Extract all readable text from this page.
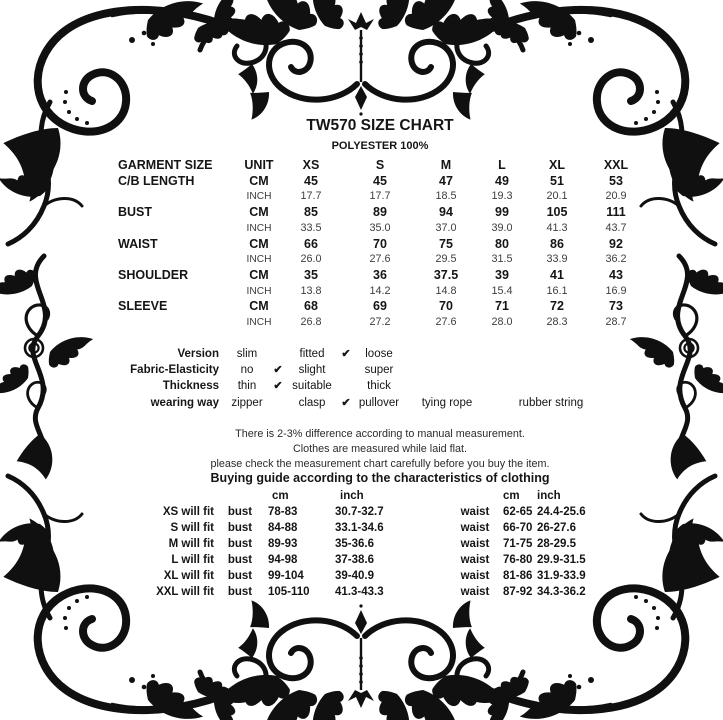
TW570 SIZE CHART
POLYESTER 100%
GARMENT SIZE	UNIT	XS	S	M	L	XL	XXL
C/B LENGTH	CM	45	45	47	49	51	53
	INCH	17.7	17.7	18.5	19.3	20.1	20.9
BUST	CM	85	89	94	99	105	111
	INCH	33.5	35.0	37.0	39.0	41.3	43.7
WAIST	CM	66	70	75	80	86	92
	INCH	26.0	27.6	29.5	31.5	33.9	36.2
SHOULDER	CM	35	36	37.5	39	41	43
	INCH	13.8	14.2	14.8	15.4	16.1	16.9
SLEEVE	CM	68	69	70	71	72	73
	INCH	26.8	27.2	27.6	28.0	28.3	28.7
Version	slim		fitted	✔	loose		
Fabric-Elasticity	no	✔	slight		super		
Thickness	thin	✔	suitable		thick		
wearing way	zipper		clasp	✔	pullover	tying rope	rubber string
There is 2-3% difference according to manual measurement.
Clothes are measured while laid flat.
please check the measurement chart carefully before you buy the item.
Buying guide according to the characteristics of clothing
		cm	inch			cm	inch
XS will fit	bust	78-83	30.7-32.7		waist	62-65	24.4-25.6
S will fit	bust	84-88	33.1-34.6		waist	66-70	26-27.6
M will fit	bust	89-93	35-36.6		waist	71-75	28-29.5
L will fit	bust	94-98	37-38.6		waist	76-80	29.9-31.5
XL will fit	bust	99-104	39-40.9		waist	81-86	31.9-33.9
XXL will fit	bust	105-110	41.3-43.3		waist	87-92	34.3-36.2
